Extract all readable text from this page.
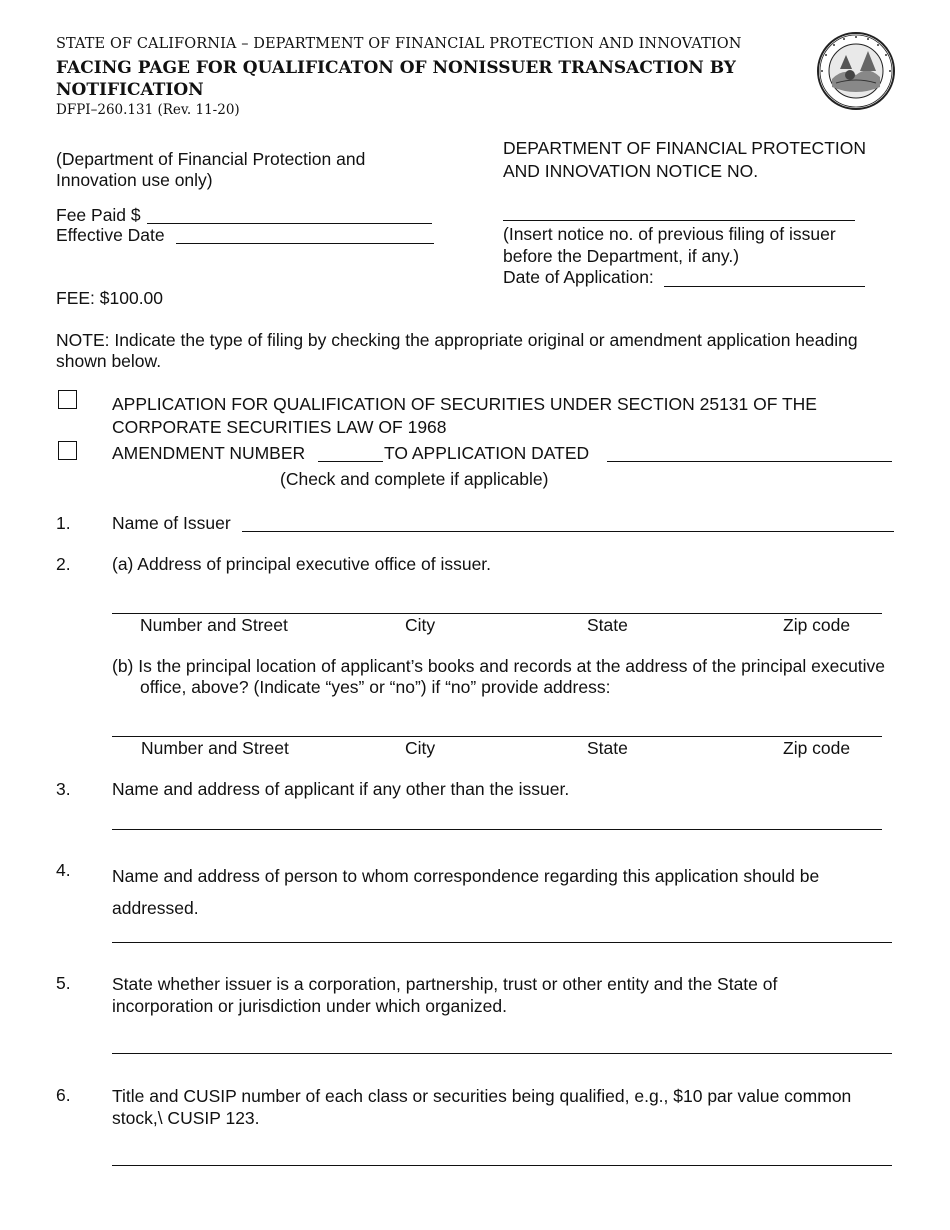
STATE OF CALIFORNIA – DEPARTMENT OF FINANCIAL PROTECTION AND INNOVATION
FACING PAGE FOR QUALIFICATON OF NONISSUER TRANSACTION BY NOTIFICATION
DFPI–260.131 (Rev. 11-20)
(Department of Financial Protection and Innovation use only)
Fee Paid $
Effective Date
DEPARTMENT OF FINANCIAL PROTECTION AND INNOVATION NOTICE NO.
(Insert notice no. of previous filing of issuer before the Department, if any.)
Date of Application:
FEE: $100.00
NOTE: Indicate the type of filing by checking the appropriate original or amendment application heading shown below.
APPLICATION FOR QUALIFICATION OF SECURITIES UNDER SECTION 25131 OF THE CORPORATE SECURITIES LAW OF 1968
AMENDMENT NUMBER	TO APPLICATION DATED
(Check and complete if applicable)
1. Name of Issuer
2. (a) Address of principal executive office of issuer.
Number and Street	City	State	Zip code
(b) Is the principal location of applicant’s books and records at the address of the principal executive office, above? (Indicate “yes” or “no”) if “no” provide address:
Number and Street	City	State	Zip code
3. Name and address of applicant if any other than the issuer.
4. Name and address of person to whom correspondence regarding this application should be addressed.
5. State whether issuer is a corporation, partnership, trust or other entity and the State of incorporation or jurisdiction under which organized.
6. Title and CUSIP number of each class or securities being qualified, e.g., $10 par value common stock,\ CUSIP 123.
